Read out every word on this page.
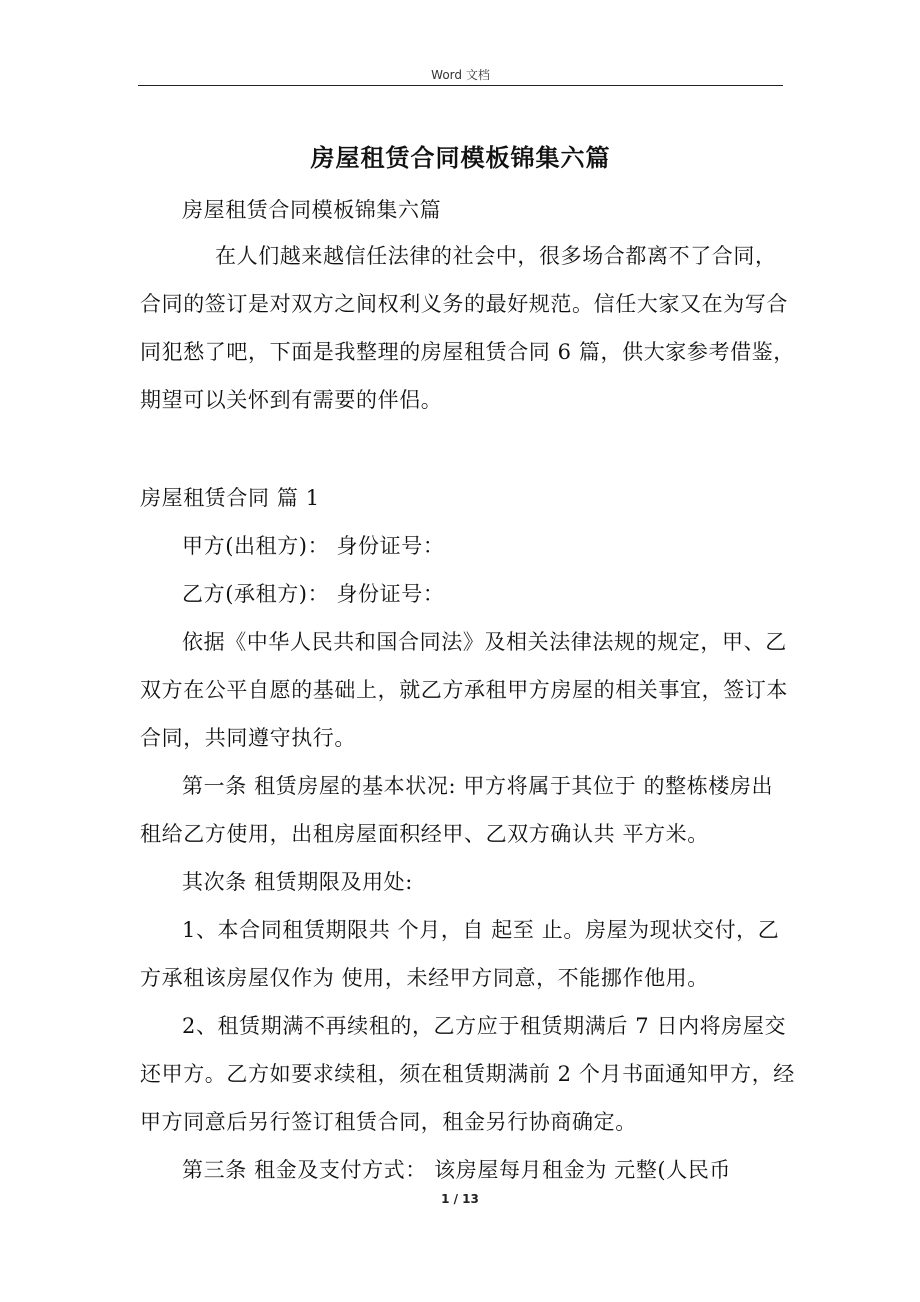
Word 文档
房屋租赁合同模板锦集六篇
房屋租赁合同模板锦集六篇
在人们越来越信任法律的社会中，很多场合都离不了合同，
合同的签订是对双方之间权利义务的最好规范。信任大家又在为写合
同犯愁了吧，下面是我整理的房屋租赁合同 6 篇，供大家参考借鉴，
期望可以关怀到有需要的伴侣。
房屋租赁合同 篇 1
甲方(出租方)： 身份证号：
乙方(承租方)： 身份证号：
依据《中华人民共和国合同法》及相关法律法规的规定，甲、乙
双方在公平自愿的基础上，就乙方承租甲方房屋的相关事宜，签订本
合同，共同遵守执行。
第一条 租赁房屋的基本状况: 甲方将属于其位于 的整栋楼房出
租给乙方使用，出租房屋面积经甲、乙双方确认共 平方米。
其次条 租赁期限及用处:
1、本合同租赁期限共 个月，自 起至 止。房屋为现状交付，乙
方承租该房屋仅作为 使用，未经甲方同意，不能挪作他用。
2、租赁期满不再续租的，乙方应于租赁期满后 7 日内将房屋交
还甲方。乙方如要求续租，须在租赁期满前 2 个月书面通知甲方，经
甲方同意后另行签订租赁合同，租金另行协商确定。
第三条 租金及支付方式： 该房屋每月租金为 元整(人民币
1 / 13
